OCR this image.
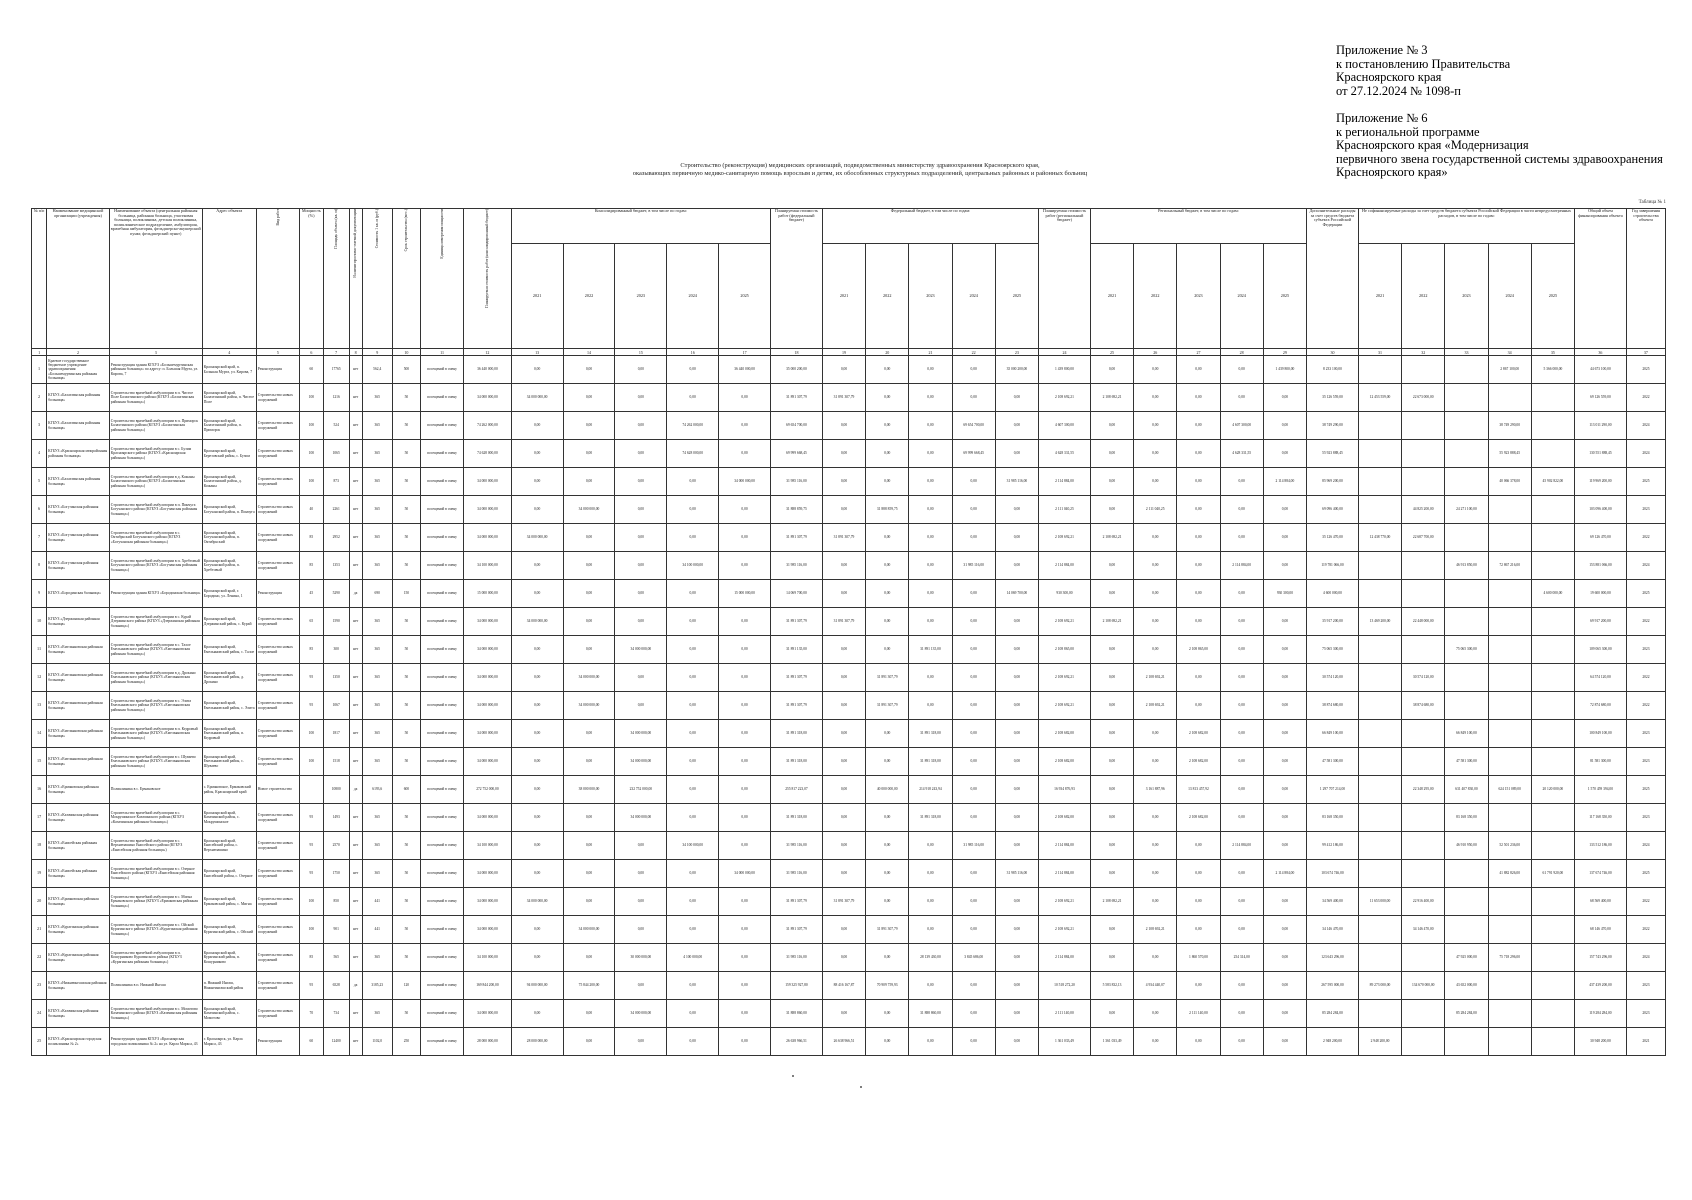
Приложение № 3
к постановлению Правительства
Красноярского края
от 27.12.2024 № 1098-п
Приложение № 6
к региональной программе
Красноярского края «Модернизация
первичного звена государственной системы здравоохранения
Красноярского края»
Строительство (реконструкция) медицинских организаций, подведомственных министерству здравоохранения Красноярского края,
оказывающих первичную медико-санитарную помощь взрослым и детям, их обособленных структурных подразделений, центральных районных и районных больниц
Таблица № 1
№ п/п	Наименование медицинской организации (учреждения)	Наименование объекта (центральная районная больница, районная больница, участковая больница, поликлиника, детская поликлиника, поликлиническое подразделение, амбулатория, врачебная амбулатория, фельдшерско-акушерский пункт, фельдшерский пункт)	Адрес объекта	Вид работ	Мощность (%)	Площадь объекта (кв. м)	Наличие проектно-сметной документации	Стоимость 1 кв. м (руб.)	Срок строительства (мес.)	Единица измерения мощности	Планируемая стоимость работ (консолидированный бюджет)	Консолидированный бюджет, в том числе по годам:					Планируемая стоимость работ (федеральный бюджет)	Федеральный бюджет, в том числе по годам:					Планируемая стоимость работ (региональный бюджет)	Региональный бюджет, в том числе по годам:					Дополнительные расходы за счет средств бюджета субъекта Российской Федерации	Не софинансируемые расходы за счет средств бюджета субъекта Российской Федерации в части непредусмотренных расходов, в том числе по годам:					Общий объем финансирования объекта	Год завершения строительства объекта
												2021	2022	2023	2024	2025		2021	2022	2023	2024	2025		2021	2022	2023	2024	2025		2021	2022	2023	2024	2025		
1	2	3	4	5	6	7	8	9	10	11	12	13	14	15	16	17	18	19	20	21	22	23	24	25	26	27	28	29	30	31	32	33	34	35	36	37
1	Краевое государственное бюджетное учреждение здравоохранения «Большемуртинская районная больница»	Реконструкция здания КГБУЗ «Большемуртинская районная больница» по адресу: п. Большая Мурта, ул. Кирова, 7	Красноярский край, п. Большая Мурта, ул. Кирова, 7	Реконструкция	60	17765	нет	562,4	500	посещений в смену	36 440 000,00	0,00	0,00	0,00	0,00	36 440 000,00	35 000 200,00	0,00	0,00	0,00	0,00	35 000 200,00	1 439 800,00	0,00	0,00	0,00	0,00	1 439 800,00	8 233 100,00				2 867 100,00	5 366 000,00	44 673 100,00	2025
2	КГБУЗ «Балахтинская районная больница»	Строительство врачебной амбулатории в п. Чистое Поле Балахтинского района (КГБУЗ «Балахтинская районная больница»)	Красноярский край, Балахтинский район, п. Чистое Поле	Строительство новых сооружений	100	1216	нет	365	50	посещений в смену	34 000 000,00	34 000 000,00	0,00	0,00	0,00	0,00	31 891 307,79	31 891 307,79	0,00	0,00	0,00	0,00	2 108 692,21	2 108 692,21	0,00	0,00	0,00	0,00	35 126 559,00	12 453 559,00	22 673 000,00				69 126 559,00	2022
3	КГБУЗ «Балахтинская районная больница»	Строительство врачебной амбулатории в п. Приморск Балахтинского района (КГБУЗ «Балахтинская районная больница»)	Красноярский край, Балахтинский район, п. Приморск	Строительство новых сооружений	100	524	нет	365	50	посещений в смену	74 262 000,00	0,00	0,00	0,00	74 262 000,00	0,00	69 654 700,00	0,00	0,00	0,00	69 654 700,00	0,00	4 607 300,00	0,00	0,00	0,00	4 607 300,00	0,00	38 749 290,00				38 749 290,00		113 011 290,00	2024
4	КГБУЗ «Красноярская межрайонная районная больница»	Строительство врачебной амбулатории в с. Бузим Красноярского района (КГБУЗ «Красноярская районная больница»)	Красноярский край, Березовский район, с. Бузим	Строительство новых сооружений	100	1065	нет	365	50	посещений в смену	74 628 000,00	0,00	0,00	0,00	74 628 000,00	0,00	69 999 668,45	0,00	0,00	0,00	69 999 668,45	0,00	4 628 331,55	0,00	0,00	0,00	4 628 331,55	0,00	55 923 888,45				55 923 888,45		130 551 888,45	2024
5	КГБУЗ «Балахтинская районная больница»	Строительство врачебной амбулатории в д. Кожаны Балахтинского района (КГБУЗ «Балахтинская районная больница»)	Красноярский край, Балахтинский район, д. Кожаны	Строительство новых сооружений	100	873	нет	365	50	посещений в смену	34 000 000,00	0,00	0,00	0,00	0,00	34 000 000,00	31 985 116,00	0,00	0,00	0,00	0,00	31 985 116,00	2 114 884,00	0,00	0,00	0,00	0,00	2 114 884,00	85 969 200,00				40 066 378,00	45 902 822,00	119 969 200,00	2025
6	КГБУЗ «Богучанская районная больница»	Строительство врачебной амбулатории в п. Пинчуга Богучанского района (КГБУЗ «Богучанская районная больница»)	Красноярский край, Богучанский район, п. Пинчуга	Строительство новых сооружений	40	2261	нет	365	50	посещений в смену	34 000 000,00	0,00	34 000 000,00	0,00	0,00	0,00	31 888 859,75	0,00	31 888 859,75	0,00	0,00	0,00	2 111 040,25	0,00	2 111 040,25	0,00	0,00	0,00	69 096 400,00		44 825 200,00	24 271 100,00			103 096 400,00	2023
7	КГБУЗ «Богучанская районная больница»	Строительство врачебной амбулатории в с. Октябрьский Богучанского района (КГБУЗ «Богучанская районная больница»)	Красноярский край, Богучанский район, п. Октябрьский	Строительство новых сооружений	85	2952	нет	365	50	посещений в смену	34 000 000,00	34 000 000,00	0,00	0,00	0,00	0,00	31 891 307,79	31 891 307,79	0,00	0,00	0,00	0,00	2 108 692,21	2 108 692,21	0,00	0,00	0,00	0,00	35 126 470,00	12 438 770,00	22 687 700,00				69 126 470,00	2022
8	КГБУЗ «Богучанская районная больница»	Строительство врачебной амбулатории в п. Хребтовый Богучанского района (КГБУЗ «Богучанская районная больница»)	Красноярский край, Богучанский район, п. Хребтовый	Строительство новых сооружений	85	1353	нет	365	50	посещений в смену	34 100 000,00	0,00	0,00	0,00	34 100 000,00	0,00	31 985 116,00	0,00	0,00	0,00	31 985 116,00	0,00	2 114 884,00	0,00	0,00	0,00	2 114 884,00	0,00	119 781 066,00			46 913 850,00	72 867 216,00		153 881 066,00	2024
9	КГБУЗ «Бородинская больница»	Реконструкция здания КГБУЗ «Бородинская больница»	Красноярский край, г. Бородино, ул. Ленина, 1	Реконструкция	45	5290	да	690	150	посещений в смену	15 000 000,00	0,00	0,00	0,00	0,00	15 000 000,00	14 069 700,00	0,00	0,00	0,00	0,00	14 069 700,00	930 300,00	0,00	0,00	0,00	0,00	930 300,00	4 600 000,00					4 600 000,00	19 600 000,00	2025
10	КГБУЗ «Дзержинская районная больница»	Строительство врачебной амбулатории в с. Курай Дзержинского района (КГБУЗ «Дзержинская районная больница»)	Красноярский край, Дзержинский район, с. Курай	Строительство новых сооружений	65	1590	нет	365	50	посещений в смену	34 000 000,00	34 000 000,00	0,00	0,00	0,00	0,00	31 891 307,79	31 891 307,79	0,00	0,00	0,00	0,00	2 108 692,21	2 108 692,21	0,00	0,00	0,00	0,00	35 917 200,00	13 469 200,00	22 448 000,00				69 917 200,00	2022
11	КГБУЗ «Емельяновская районная больница»	Строительство врачебной амбулатории в с. Талое Емельяновского района (КГБУЗ «Емельяновская районная больница»)	Красноярский край, Емельяновский район, с. Талое	Строительство новых сооружений	85	300	нет	365	50	посещений в смену	34 000 000,00	0,00	0,00	34 000 000,00	0,00	0,00	31 891 135,00	0,00	0,00	31 891 135,00	0,00	0,00	2 108 865,00	0,00	0,00	2 108 865,00	0,00	0,00	75 065 300,00			75 065 300,00			109 065 300,00	2023
12	КГБУЗ «Емельяновская районная больница»	Строительство врачебной амбулатории в д. Дрокино Емельяновского района (КГБУЗ «Емельяновская районная больница»)	Красноярский край, Емельяновский район, д. Дрокино	Строительство новых сооружений	95	1350	нет	365	50	посещений в смену	34 000 000,00	0,00	34 000 000,00	0,00	0,00	0,00	31 891 307,79	0,00	31 891 307,79	0,00	0,00	0,00	2 108 692,21	0,00	2 108 692,21	0,00	0,00	0,00	30 574 120,00		30 574 120,00				64 574 120,00	2022
13	КГБУЗ «Емельяновская районная больница»	Строительство врачебной амбулатории в с. Элита Емельяновского района (КГБУЗ «Емельяновская районная больница»)	Красноярский край, Емельяновский район, с. Элита	Строительство новых сооружений	95	1067	нет	365	50	посещений в смену	34 000 000,00	0,00	34 000 000,00	0,00	0,00	0,00	31 891 307,79	0,00	31 891 307,79	0,00	0,00	0,00	2 108 692,21	0,00	2 108 692,21	0,00	0,00	0,00	38 874 680,00		38 874 680,00				72 874 680,00	2022
14	КГБУЗ «Емельяновская районная больница»	Строительство врачебной амбулатории в п. Кедровый Емельяновского района (КГБУЗ «Емельяновская районная больница»)	Красноярский край, Емельяновский район, п. Кедровый	Строительство новых сооружений	100	1817	нет	365	50	посещений в смену	34 000 000,00	0,00	0,00	34 000 000,00	0,00	0,00	31 891 318,00	0,00	0,00	31 891 318,00	0,00	0,00	2 108 682,00	0,00	0,00	2 108 682,00	0,00	0,00	66 849 100,00			66 849 100,00			100 849 100,00	2023
15	КГБУЗ «Емельяновская районная больница»	Строительство врачебной амбулатории в с. Шуваево Емельяновского района (КГБУЗ «Емельяновская районная больница»)	Красноярский край, Емельяновский район, с. Шуваево	Строительство новых сооружений	100	1518	нет	365	50	посещений в смену	34 000 000,00	0,00	0,00	34 000 000,00	0,00	0,00	31 891 318,00	0,00	0,00	31 891 318,00	0,00	0,00	2 108 682,00	0,00	0,00	2 108 682,00	0,00	0,00	47 581 300,00			47 581 300,00			81 581 300,00	2023
16	КГБУЗ «Ермаковская районная больница»	Поликлиника в с. Ермаковское	с. Ермаковское, Ермаковский район, Красноярский край	Новое строительство		10800	да	6193,6	600	посещений в смену	272 752 000,00	0,00	38 000 000,00	232 752 000,00	0,00	0,00	255 817 223,07	0,00	40 000 000,00	214 918 243,94	0,00	0,00	16 934 876,93	0,00	3 161 887,96	13 813 457,92	0,00	0,00	1 297 707 214,00		22 348 295,00	631 407 830,00	624 151 089,00	20 120 000,00	1 570 459 394,00	2025
17	КГБУЗ «Казачинская районная больница»	Строительство врачебной амбулатории в с. Мокрушинское Казачинского района (КГБУЗ «Казачинская районная больница»)	Красноярский край, Казачинский район, с. Мокрушинское	Строительство новых сооружений	95	1493	нет	365	50	посещений в смену	34 000 000,00	0,00	0,00	34 000 000,00	0,00	0,00	31 891 318,00	0,00	0,00	31 891 318,00	0,00	0,00	2 108 682,00	0,00	0,00	2 108 682,00	0,00	0,00	83 168 350,00			83 168 350,00			117 168 350,00	2023
18	КГБУЗ «Енисейская районная больница»	Строительство врачебной амбулатории в с. Верхнепашино Енисейского района (КГБУЗ «Енисейская районная больница»)	Красноярский край, Енисейский район, с. Верхнепашино	Строительство новых сооружений	95	2570	нет	365	50	посещений в смену	34 100 000,00	0,00	0,00	0,00	34 100 000,00	0,00	31 985 116,00	0,00	0,00	0,00	31 985 116,00	0,00	2 114 884,00	0,00	0,00	0,00	2 114 884,00	0,00	99 412 186,00			46 910 950,00	52 501 236,00		133 512 186,00	2024
19	КГБУЗ «Енисейская районная больница»	Строительство врачебной амбулатории в с. Озерное Енисейского района (КГБУЗ «Енисейская районная больница»)	Красноярский край, Енисейский район, с. Озерное	Строительство новых сооружений	95	1750	нет	365	50	посещений в смену	34 000 000,00	0,00	0,00	0,00	0,00	34 000 000,00	31 985 116,00	0,00	0,00	0,00	0,00	31 985 116,00	2 114 884,00	0,00	0,00	0,00	0,00	2 114 884,00	103 674 746,00				41 882 826,00	61 791 920,00	137 674 746,00	2025
20	КГБУЗ «Ермаковская районная больница»	Строительство врачебной амбулатории в с. Мигна Ермаковского района (КГБУЗ «Ермаковская районная больница»)	Красноярский край, Ермаковский район, с. Мигна	Строительство новых сооружений	100	850	нет	441	50	посещений в смену	34 000 000,00	34 000 000,00	0,00	0,00	0,00	0,00	31 891 307,79	31 891 307,79	0,00	0,00	0,00	0,00	2 108 692,21	2 108 692,21	0,00	0,00	0,00	0,00	34 569 400,00	11 653 000,00	22 916 400,00				68 569 400,00	2022
21	КГБУЗ «Курагинская районная больница»	Строительство врачебной амбулатории в с. Ойский Курагинского района (КГБУЗ «Курагинская районная больница»)	Красноярский край, Курагинский район, с. Ойский	Строительство новых сооружений	100	901	нет	441	50	посещений в смену	34 000 000,00	0,00	34 000 000,00	0,00	0,00	0,00	31 891 307,79	0,00	31 891 307,79	0,00	0,00	0,00	2 108 692,21	0,00	2 108 692,21	0,00	0,00	0,00	34 146 470,00		34 146 470,00				68 146 470,00	2022
22	КГБУЗ «Курагинская районная больница»	Строительство врачебной амбулатории в п. Кошурниково Курагинского района (КГБУЗ «Курагинская районная больница»)	Красноярский край, Курагинский район, п. Кошурниково	Строительство новых сооружений	85	565	нет	365	50	посещений в смену	34 100 000,00	0,00	0,00	30 000 000,00	4 100 000,00	0,00	31 985 116,00	0,00	0,00	28 139 430,00	3 845 686,00	0,00	2 114 884,00	0,00	0,00	1 860 570,00	254 314,00	0,00	123 643 296,00			47 925 000,00	75 718 296,00		157 743 296,00	2024
23	КГБУЗ «Нижнеингашская районная больница»	Поликлиника в п. Нижний Ингаш	п. Нижний Ингаш, Нижнеингашский район	Строительство новых сооружений	95	6528	да	3185,23	120	посещений в смену	169 844 200,00	94 000 000,00	75 844 200,00	0,00	0,00	0,00	159 325 927,80	88 416 167,87	70 909 759,93	0,00	0,00	0,00	10 518 272,20	5 583 832,13	4 934 440,07	0,00	0,00	0,00	267 595 000,00	89 273 000,00	134 670 000,00	43 652 000,00			437 439 200,00	2023
24	КГБУЗ «Казачинская районная больница»	Строительство врачебной амбулатории в с. Момотово Казачинского района (КГБУЗ «Казачинская районная больница»)	Красноярский край, Казачинский район, с. Момотово	Строительство новых сооружений	70	734	нет	365	50	посещений в смену	34 000 000,00	0,00	0,00	34 000 000,00	0,00	0,00	31 888 860,00	0,00	0,00	31 888 860,00	0,00	0,00	2 111 140,00	0,00	0,00	2 111 140,00	0,00	0,00	85 284 284,00			85 284 284,00			119 284 284,00	2023
25	КГБУЗ «Красноярская городская поликлиника № 2»	Реконструкция здания КГБУЗ «Красноярская городская поликлиника № 2» на ул. Карла Маркса, 43	г. Красноярск, ул. Карла Маркса, 43	Реконструкция	60	12400	нет	1102,0	250	посещений в смену	28 000 000,00	28 000 000,00	0,00	0,00	0,00	0,00	26 638 966,51	26 638 966,51	0,00	0,00	0,00	0,00	1 361 033,49	1 361 033,49	0,00	0,00	0,00	0,00	2 948 200,00	2 948 200,00					30 948 200,00	2021
